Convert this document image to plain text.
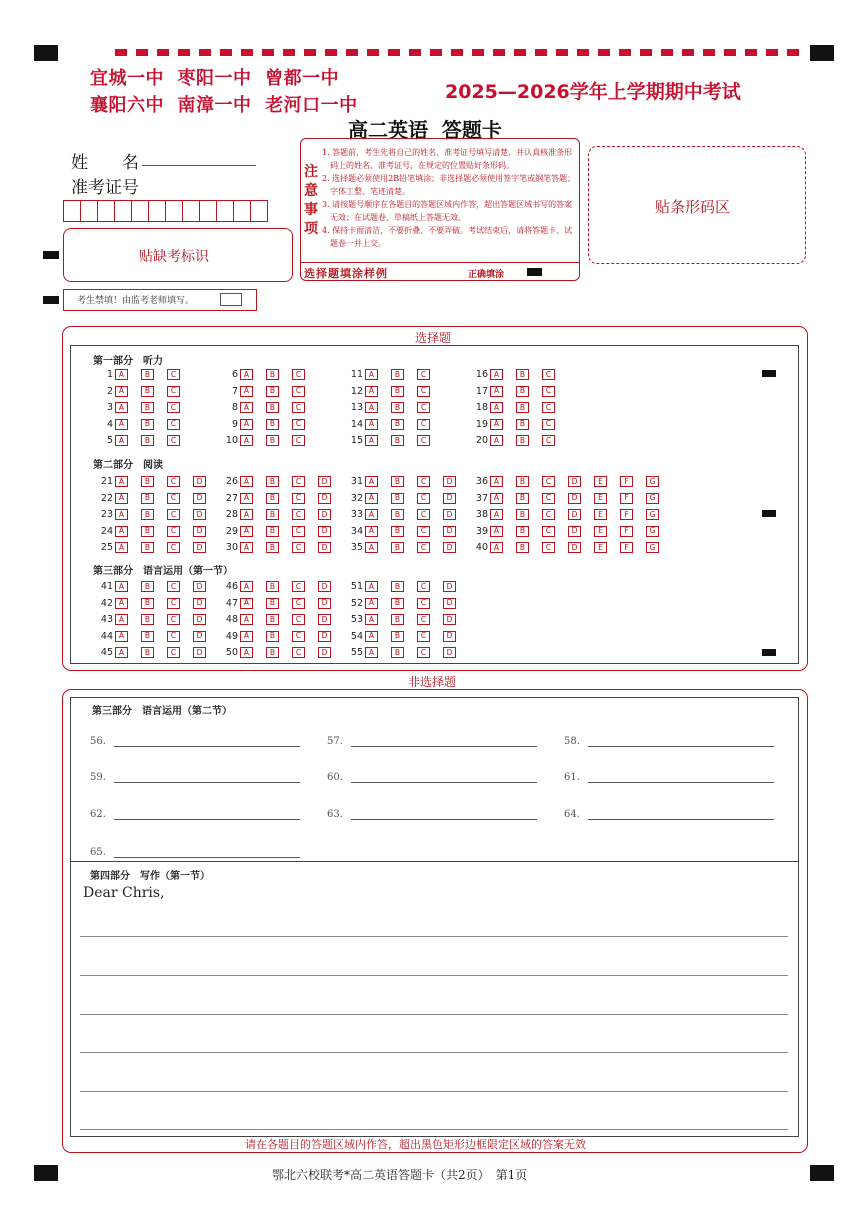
宜城一中 枣阳一中 曾都一中
襄阳六中 南漳一中 老河口一中
2025—2026学年上学期期中考试
高二英语  答题卡
姓　　名
准考证号
贴缺考标识
考生禁填！由监考老师填写。
注
意
事
项
1. 答题前，考生先将自己的姓名、准考证号填写清楚，并认真核准条形码上的姓名、准考证号，在规定的位置贴好条形码。
2. 选择题必须使用2B铅笔填涂；非选择题必须使用签字笔或钢笔答题；字体工整、笔迹清楚。
3. 请按题号顺序在各题目的答题区域内作答，超出答题区域书写的答案无效；在试题卷、草稿纸上答题无效。
4. 保持卡面清洁，不要折叠、不要弄破。考试结束后，请将答题卡、试题卷一并上交。
选择题填涂样例	正确填涂
贴条形码区
选择题
第一部分　听力
1 A	B	C
2 A	B	C
3 A	B	C
4 A	B	C
5 A	B	C
6 A	B	C
7 A	B	C
8 A	B	C
9 A	B	C
10 A	B	C
11 A	B	C
12 A	B	C
13 A	B	C
14 A	B	C
15 A	B	C
16 A	B	C
17 A	B	C
18 A	B	C
19 A	B	C
20 A	B	C
第二部分　阅读
21 A	B	C	D
22 A	B	C	D
23 A	B	C	D
24 A	B	C	D
25 A	B	C	D
26 A	B	C	D
27 A	B	C	D
28 A	B	C	D
29 A	B	C	D
30 A	B	C	D
31 A	B	C	D
32 A	B	C	D
33 A	B	C	D
34 A	B	C	D
35 A	B	C	D
36 A	B	C	D	E	F	G
37 A	B	C	D	E	F	G
38 A	B	C	D	E	F	G
39 A	B	C	D	E	F	G
40 A	B	C	D	E	F	G
第三部分　语言运用（第一节）
41 A	B	C	D
42 A	B	C	D
43 A	B	C	D
44 A	B	C	D
45 A	B	C	D
46 A	B	C	D
47 A	B	C	D
48 A	B	C	D
49 A	B	C	D
50 A	B	C	D
51 A	B	C	D
52 A	B	C	D
53 A	B	C	D
54 A	B	C	D
55 A	B	C	D
非选择题
第三部分　语言运用（第二节）
56.	57.	58.
59.	60.	61.
62.	63.	64.
65.
第四部分　写作（第一节）
Dear Chris,
请在各题目的答题区域内作答，超出黑色矩形边框限定区域的答案无效
鄂北六校联考*高二英语答题卡（共2页）　第1页
